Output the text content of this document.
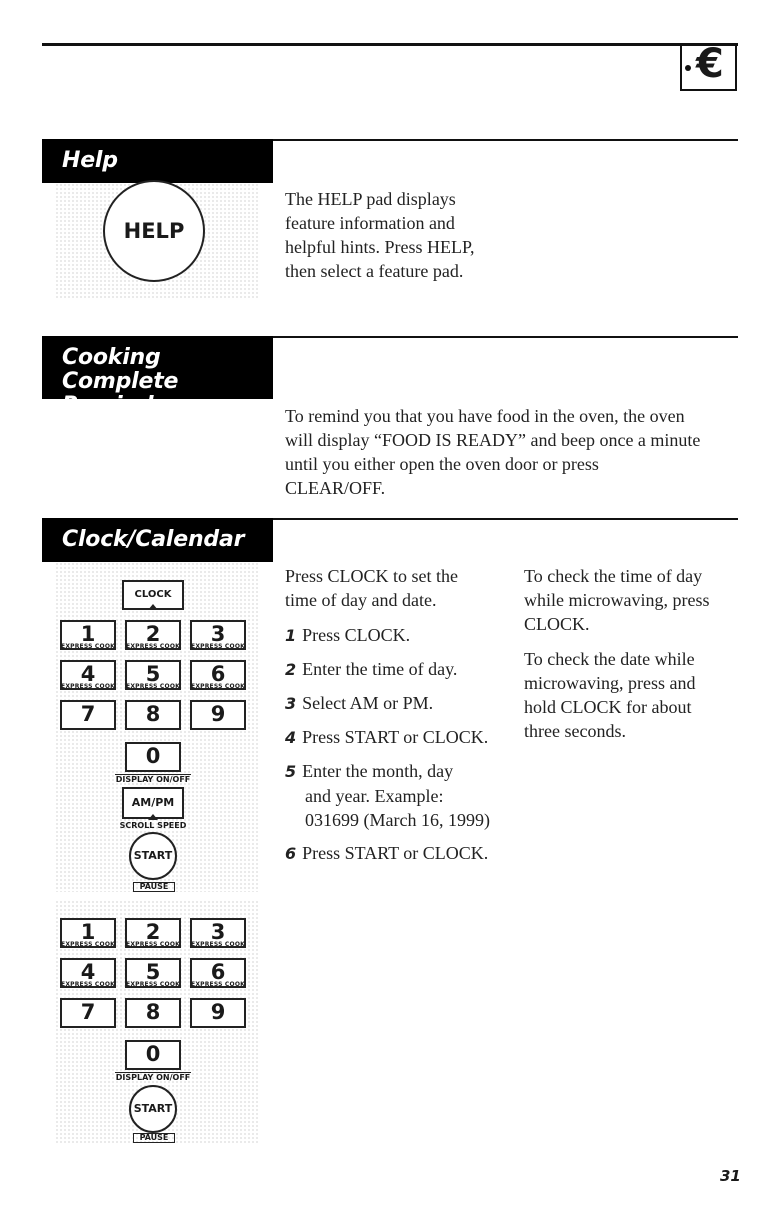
€
Help
HELP
The HELP pad displays
feature information and
helpful hints. Press HELP,
then select a feature pad.
Cooking Complete
Reminder	To remind you that you have food in the oven, the oven
will display “FOOD IS READY” and beep once a minute
until you either open the oven door or press
CLEAR/OFF.
Clock/Calendar
CLOCK
1	2	3
EXPRESS COOK	EXPRESS COOK	EXPRESS COOK
4	5	6
EXPRESS COOK	EXPRESS COOK	EXPRESS COOK
7	8	9
0
DISPLAY ON/OFF
AM/PM
SCROLL SPEED
START
PAUSE
1	2	3
EXPRESS COOK	EXPRESS COOK	EXPRESS COOK
4	5	6
EXPRESS COOK	EXPRESS COOK	EXPRESS COOK
7	8	9
0
DISPLAY ON/OFF
START
PAUSE
Press CLOCK to set the
time of day and date.
1 Press CLOCK.
2 Enter the time of day.
3 Select AM or PM.
4 Press START or CLOCK.
5 Enter the month, day
and year. Example:
031699 (March 16, 1999)
6 Press START or CLOCK.
To check the time of day
while microwaving, press
CLOCK.
To check the date while
microwaving, press and
hold CLOCK for about
three seconds.
31
